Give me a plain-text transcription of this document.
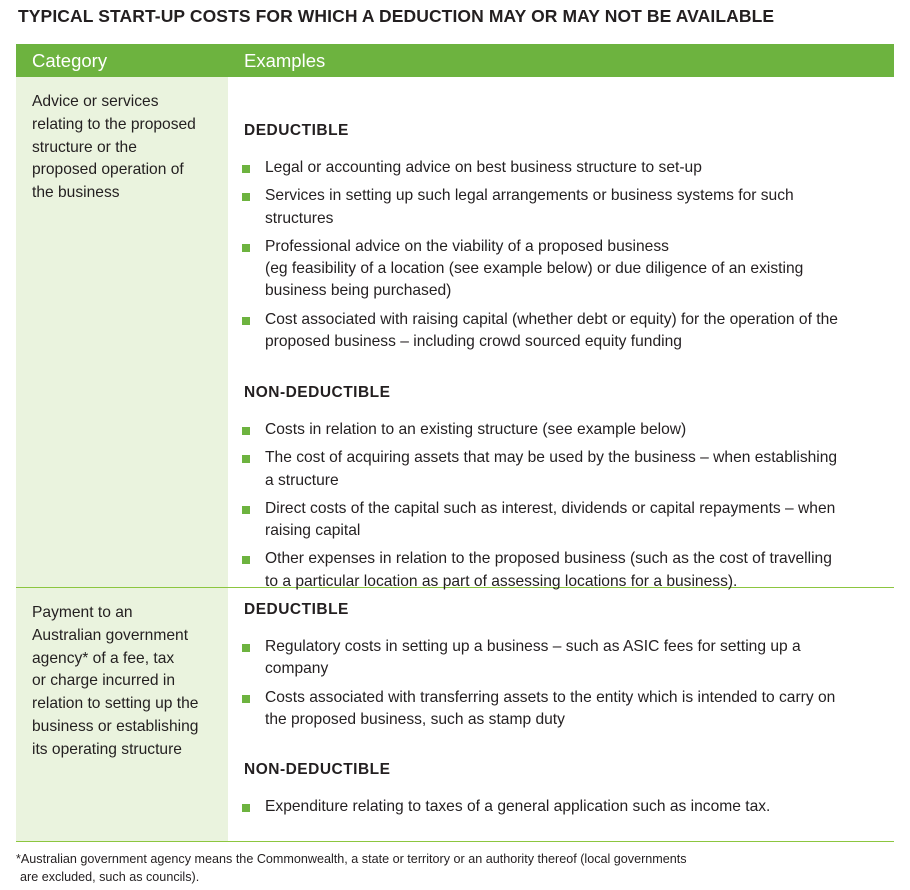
TYPICAL START-UP COSTS FOR WHICH A DEDUCTION MAY OR MAY NOT BE AVAILABLE
Category	Examples
Advice or services
relating to the proposed
structure or the
proposed operation of
the business
DEDUCTIBLE
Legal or accounting advice on best business structure to set-up
Services in setting up such legal arrangements or business systems for such
structures
Professional advice on the viability of a proposed business
(eg feasibility of a location (see example below) or due diligence of an existing
business being purchased)
Cost associated with raising capital (whether debt or equity) for the operation of the
proposed business – including crowd sourced equity funding
NON-DEDUCTIBLE
Costs in relation to an existing structure (see example below)
The cost of acquiring assets that may be used by the business – when establishing
a structure
Direct costs of the capital such as interest, dividends or capital repayments – when
raising capital
Other expenses in relation to the proposed business (such as the cost of travelling
to a particular location as part of assessing locations for a business).
Payment to an
Australian government
agency* of a fee, tax
or charge incurred in
relation to setting up the
business or establishing
its operating structure
DEDUCTIBLE
Regulatory costs in setting up a business – such as ASIC fees for setting up a
company
Costs associated with transferring assets to the entity which is intended to carry on
the proposed business, such as stamp duty
NON-DEDUCTIBLE
Expenditure relating to taxes of a general application such as income tax.
*Australian government agency means the Commonwealth, a state or territory or an authority thereof (local governments
are excluded, such as councils).
